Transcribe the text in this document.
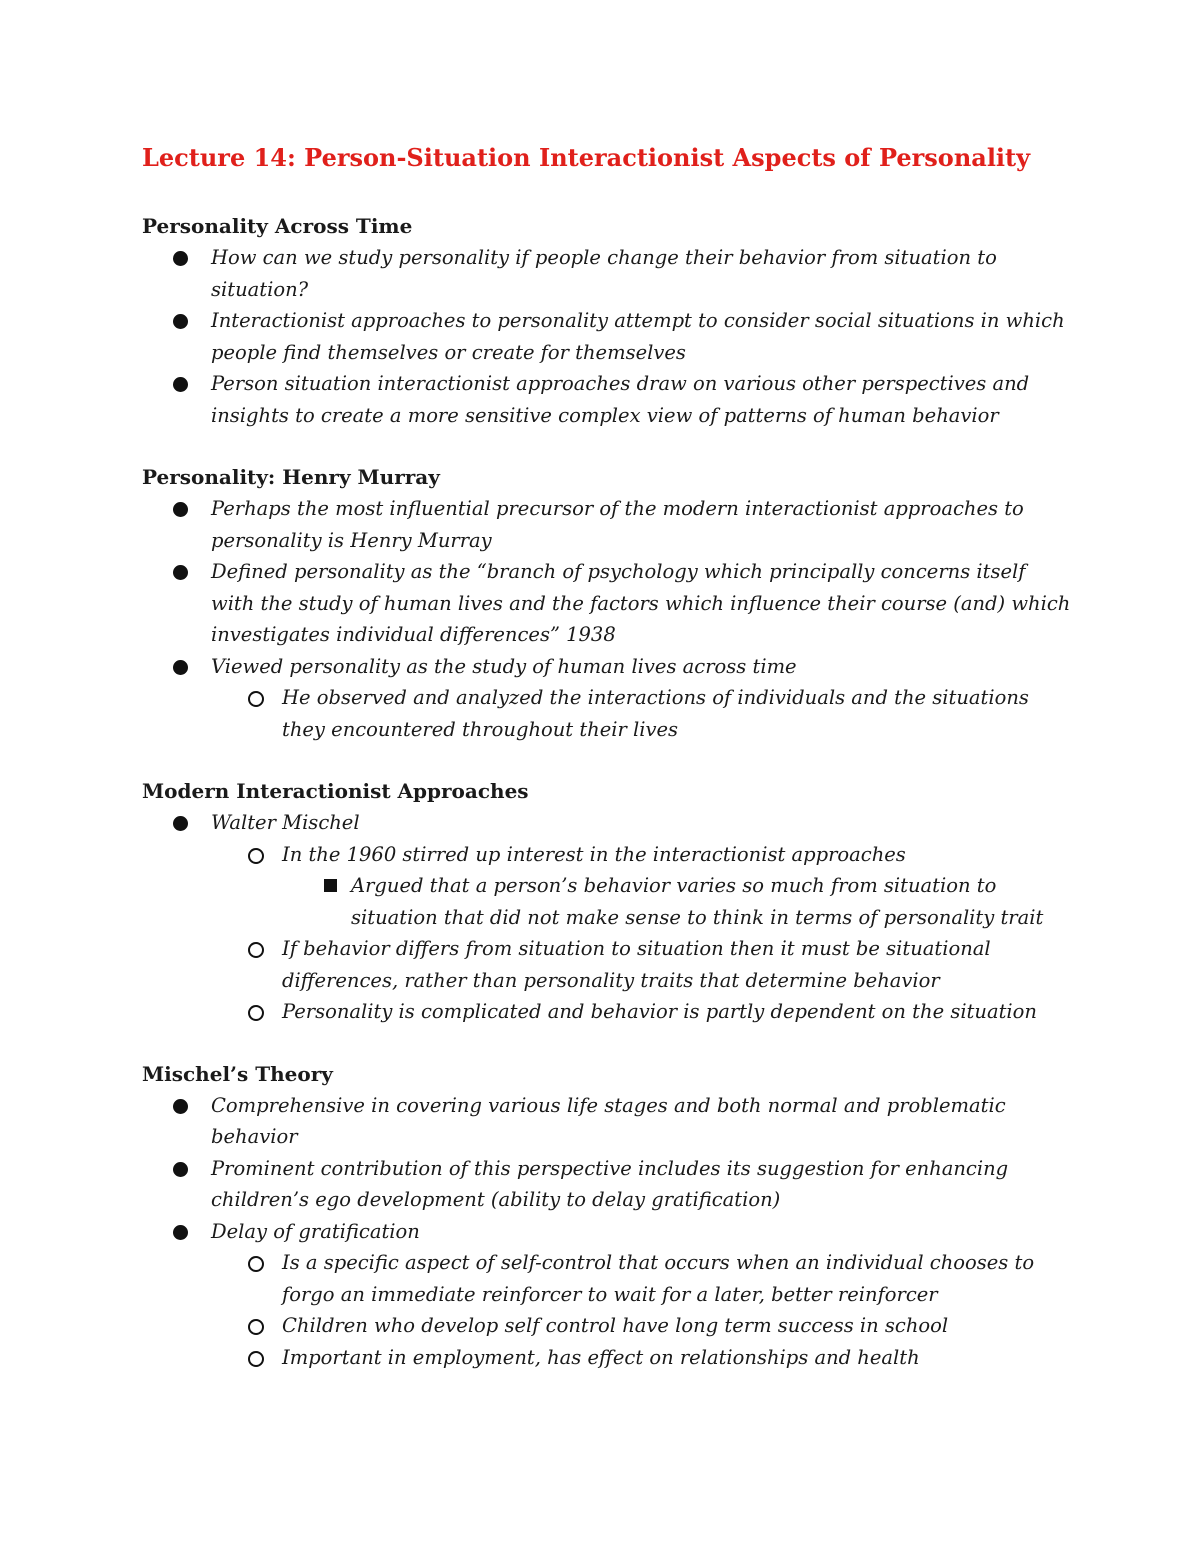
Lecture 14: Person-Situation Interactionist Aspects of Personality
Personality Across Time
How can we study personality if people change their behavior from situation to situation?
Interactionist approaches to personality attempt to consider social situations in which people find themselves or create for themselves
Person situation interactionist approaches draw on various other perspectives and insights to create a more sensitive complex view of patterns of human behavior
Personality: Henry Murray
Perhaps the most influential precursor of the modern interactionist approaches to personality is Henry Murray
Defined personality as the “branch of psychology which principally concerns itself with the study of human lives and the factors which influence their course (and) which investigates individual differences” 1938
Viewed personality as the study of human lives across time
He observed and analyzed the interactions of individuals and the situations they encountered throughout their lives
Modern Interactionist Approaches
Walter Mischel
In the 1960 stirred up interest in the interactionist approaches
Argued that a person’s behavior varies so much from situation to situation that did not make sense to think in terms of personality trait
If behavior differs from situation to situation then it must be situational differences, rather than personality traits that determine behavior
Personality is complicated and behavior is partly dependent on the situation
Mischel’s Theory
Comprehensive in covering various life stages and both normal and problematic behavior
Prominent contribution of this perspective includes its suggestion for enhancing children’s ego development (ability to delay gratification)
Delay of gratification
Is a specific aspect of self-control that occurs when an individual chooses to forgo an immediate reinforcer to wait for a later, better reinforcer
Children who develop self control have long term success in school
Important in employment, has effect on relationships and health
